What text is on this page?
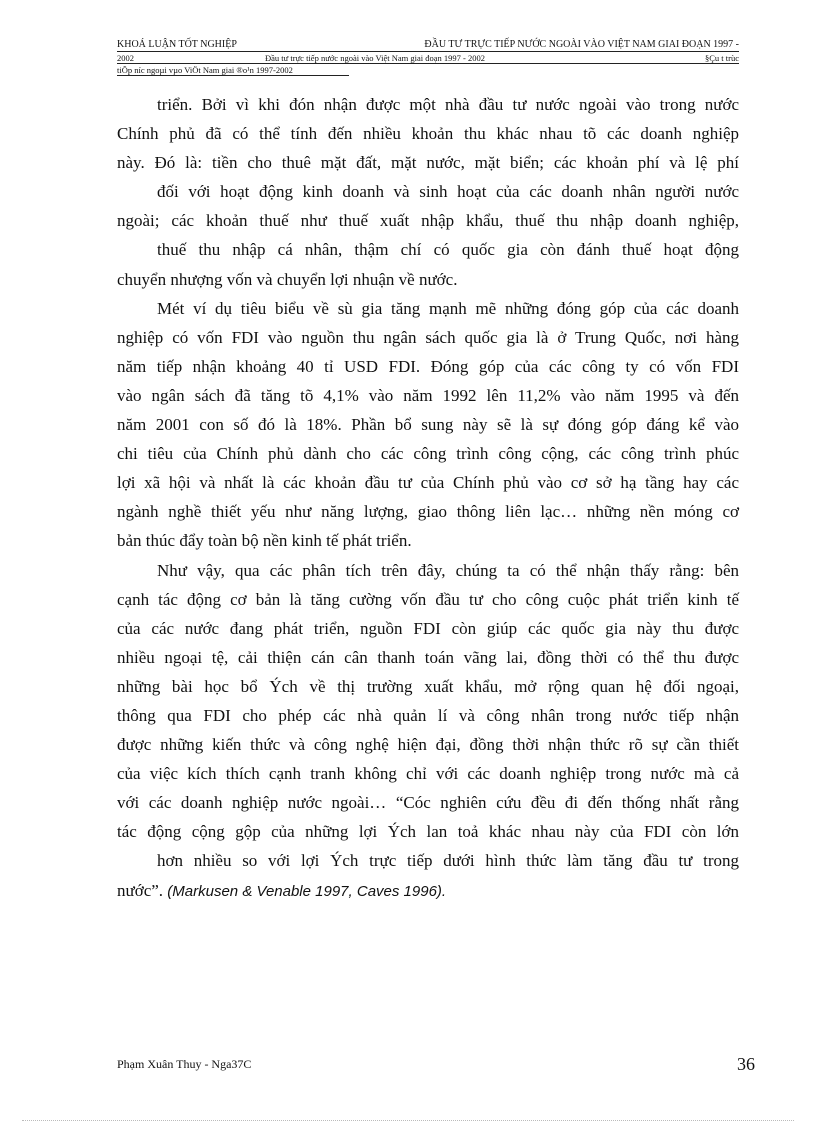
KHOÁ LUẬN TỐT NGHIỆP	ĐẦU TƯ TRỰC TIẾP NƯỚC NGOÀI VÀO VIỆT NAM GIAI ĐOẠN 1997 -
2002	Đầu tư trực tiếp nước ngoài vào Việt Nam giai đoạn 1997 - 2002	§Çu t trùc
tiÕp níc ngoµi vµo ViÖt Nam giai ®o¹n 1997-2002
triển. Bởi vì khi đón nhận được một nhà đầu tư nước ngoài vào trong nước
Chính phủ đã có thể tính đến nhiều khoản thu khác nhau tõ các doanh nghiệp
này. Đó là: tiền cho thuê mặt đất, mặt nước, mặt biển; các khoản phí và lệ phí
đối với hoạt động kinh doanh và sinh hoạt của các doanh nhân người nước
ngoài; các khoản thuế như thuế xuất nhập khẩu, thuế thu nhập doanh nghiệp,
thuế thu nhập cá nhân, thậm chí có quốc gia còn đánh thuế hoạt động
chuyển nhượng vốn và chuyển lợi nhuận về nước.
Mét ví dụ tiêu biểu về sù gia tăng mạnh mẽ những đóng góp của các doanh
nghiệp có vốn FDI vào nguồn thu ngân sách quốc gia là ở Trung Quốc, nơi hàng
năm tiếp nhận khoảng 40 tỉ USD FDI. Đóng góp của các công ty có vốn FDI
vào ngân sách đã tăng tõ 4,1% vào năm 1992 lên 11,2% vào năm 1995 và đến
năm 2001 con số đó là 18%. Phần bổ sung này sẽ là sự đóng góp đáng kể vào
chi tiêu của Chính phủ dành cho các công trình công cộng, các công trình phúc
lợi xã hội và nhất là các khoản đầu tư của Chính phủ vào cơ sở hạ tầng hay các
ngành nghề thiết yếu như năng lượng, giao thông liên lạc… những nền móng cơ
bản thúc đẩy toàn bộ nền kinh tế phát triển.
Như vậy, qua các phân tích trên đây, chúng ta có thể nhận thấy rằng: bên
cạnh tác động cơ bản là tăng cường vốn đầu tư cho công cuộc phát triển kinh tế
của các nước đang phát triển, nguồn FDI còn giúp các quốc gia này thu được
nhiều ngoại tệ, cải thiện cán cân thanh toán vãng lai, đồng thời có thể thu được
những bài học bổ Ých về thị trường xuất khẩu, mở rộng quan hệ đối ngoại,
thông qua FDI cho phép các nhà quản lí và công nhân trong nước tiếp nhận
được những kiến thức và công nghệ hiện đại, đồng thời nhận thức rõ sự cần thiết
của việc kích thích cạnh tranh không chỉ với các doanh nghiệp trong nước mà cả
với các doanh nghiệp nước ngoài… “Cóc nghiên cứu đều đi đến thống nhất rằng
tác động cộng gộp của những lợi Ých lan toả khác nhau này của FDI còn lớn
hơn nhiều so với lợi Ých trực tiếp dưới hình thức làm tăng đầu tư trong
nước”. (Markusen & Venable 1997, Caves 1996).
Phạm Xuân Thuy - Nga37C	36
